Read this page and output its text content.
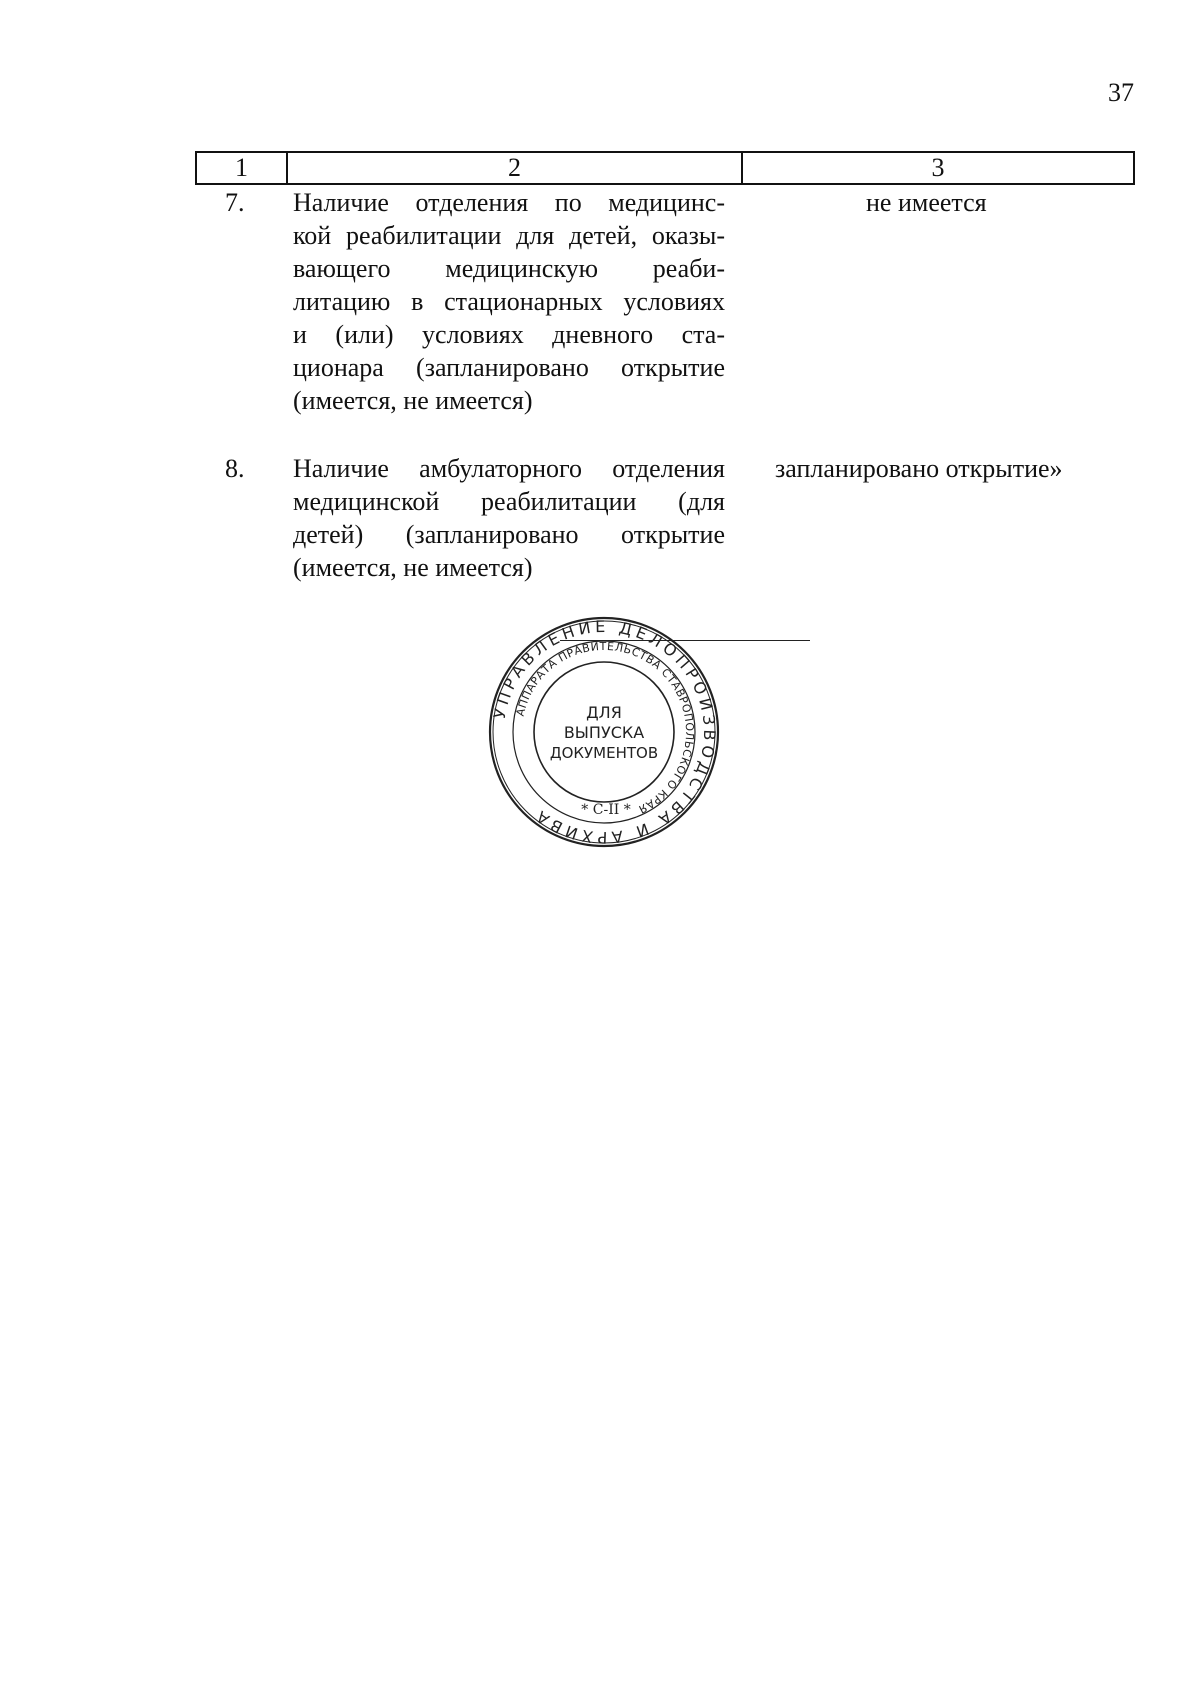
37
1	2	3
7. Наличие отделения по медицинс-
кой реабилитации для детей, оказы-
вающего медицинскую реаби-
литацию в стационарных условиях
и (или) условиях дневного ста-
ционара (запланировано открытие
(имеется, не имеется)
не имеется
8. Наличие амбулаторного отделения
медицинской реабилитации (для
детей) (запланировано открытие
(имеется, не имеется)
запланировано открытие»
УПРАВЛЕНИЕ ДЕЛОПРОИЗВОДСТВА И АРХИВА
АППАРАТА ПРАВИТЕЛЬСТВА СТАВРОПОЛЬСКОГО КРАЯ
ДЛЯ
ВЫПУСКА
ДОКУМЕНТОВ
* С-II *
